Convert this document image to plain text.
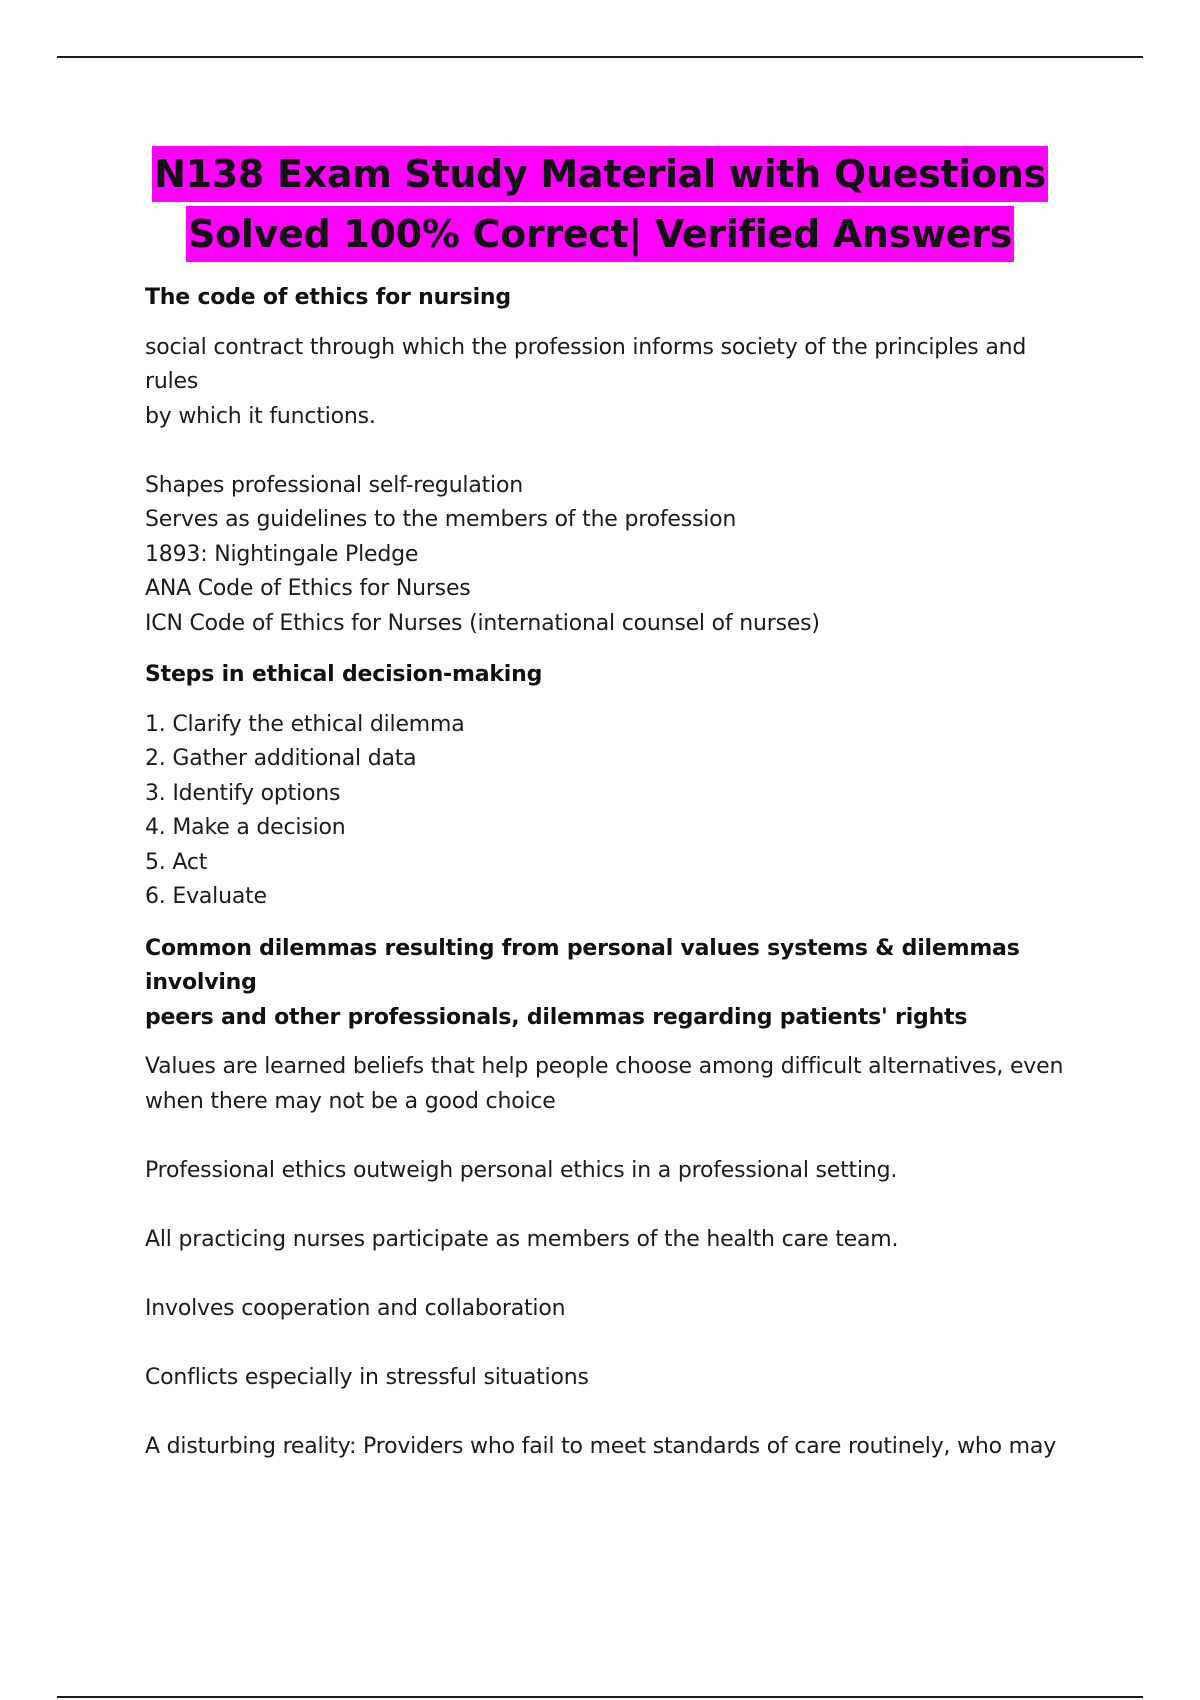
N138 Exam Study Material with Questions
Solved 100% Correct| Verified Answers
The code of ethics for nursing
social contract through which the profession informs society of the principles and rules
by which it functions.
Shapes professional self-regulation
Serves as guidelines to the members of the profession
1893: Nightingale Pledge
ANA Code of Ethics for Nurses
ICN Code of Ethics for Nurses (international counsel of nurses)
Steps in ethical decision-making
1. Clarify the ethical dilemma
2. Gather additional data
3. Identify options
4. Make a decision
5. Act
6. Evaluate
Common dilemmas resulting from personal values systems & dilemmas involving
peers and other professionals, dilemmas regarding patients' rights
Values are learned beliefs that help people choose among difficult alternatives, even
when there may not be a good choice
Professional ethics outweigh personal ethics in a professional setting.
All practicing nurses participate as members of the health care team.
Involves cooperation and collaboration
Conflicts especially in stressful situations
A disturbing reality: Providers who fail to meet standards of care routinely, who may
